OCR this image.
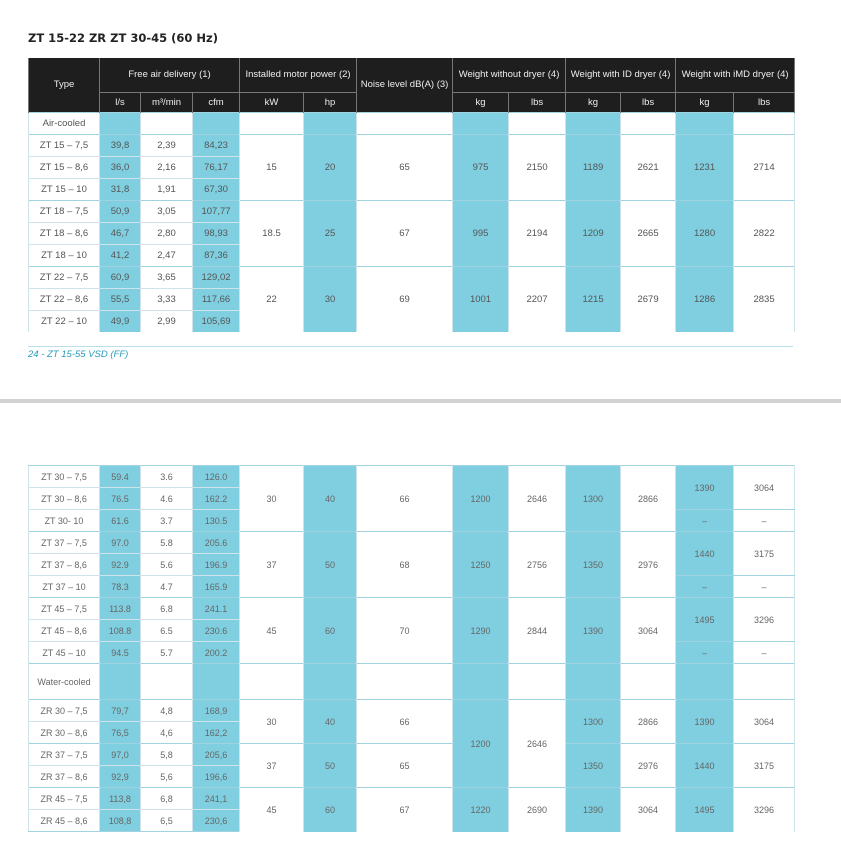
ZT 15-22 ZR ZT 30-45 (60 Hz)
Type	Free air delivery (1)			Installed motor power (2)		Noise level dB(A) (3)	Weight without dryer (4)		Weight with ID dryer (4)		Weight with iMD dryer (4)	
	l/s	m³/min	cfm	kW	hp		kg	lbs	kg	lbs	kg	lbs
Air-cooled												
ZT 15 – 7,5	39,8	2,39	84,23	15	20	65	975	2150	1189	2621	1231	2714
ZT 15 – 8,6	36,0	2,16	76,17									
ZT 15 – 10	31,8	1,91	67,30									
ZT 18 – 7,5	50,9	3,05	107,77	18.5	25	67	995	2194	1209	2665	1280	2822
ZT 18 – 8,6	46,7	2,80	98,93									
ZT 18 – 10	41,2	2,47	87,36									
ZT 22 – 7,5	60,9	3,65	129,02	22	30	69	1001	2207	1215	2679	1286	2835
ZT 22 – 8,6	55,5	3,33	117,66									
ZT 22 – 10	49,9	2,99	105,69									
24 - ZT 15-55 VSD (FF)
ZT 30 – 7,5	59.4	3.6	126.0	30	40	66	1200	2646	1300	2866	1390	3064
ZT 30 – 8,6	76.5	4.6	162.2									
ZT 30- 10	61.6	3.7	130.5								–	–
ZT 37 – 7,5	97.0	5.8	205.6	37	50	68	1250	2756	1350	2976	1440	3175
ZT 37 – 8,6	92.9	5.6	196.9									
ZT 37 – 10	78.3	4.7	165.9								–	–
ZT 45 – 7,5	113.8	6.8	241.1	45	60	70	1290	2844	1390	3064	1495	3296
ZT 45 – 8,6	108.8	6.5	230.6									
ZT 45 – 10	94.5	5.7	200.2								–	–
Water-cooled												
ZR 30 – 7,5	79,7	4,8	168,9	30	40	66	1200	2646	1300	2866	1390	3064
ZR 30 – 8,6	76,5	4,6	162,2									
ZR 37 – 7,5	97,0	5,8	205,6	37	50	65			1350	2976	1440	3175
ZR 37 – 8,6	92,9	5,6	196,6									
ZR 45 – 7,5	113,8	6,8	241,1	45	60	67	1220	2690	1390	3064	1495	3296
ZR 45 – 8,6	108,8	6,5	230,6									
